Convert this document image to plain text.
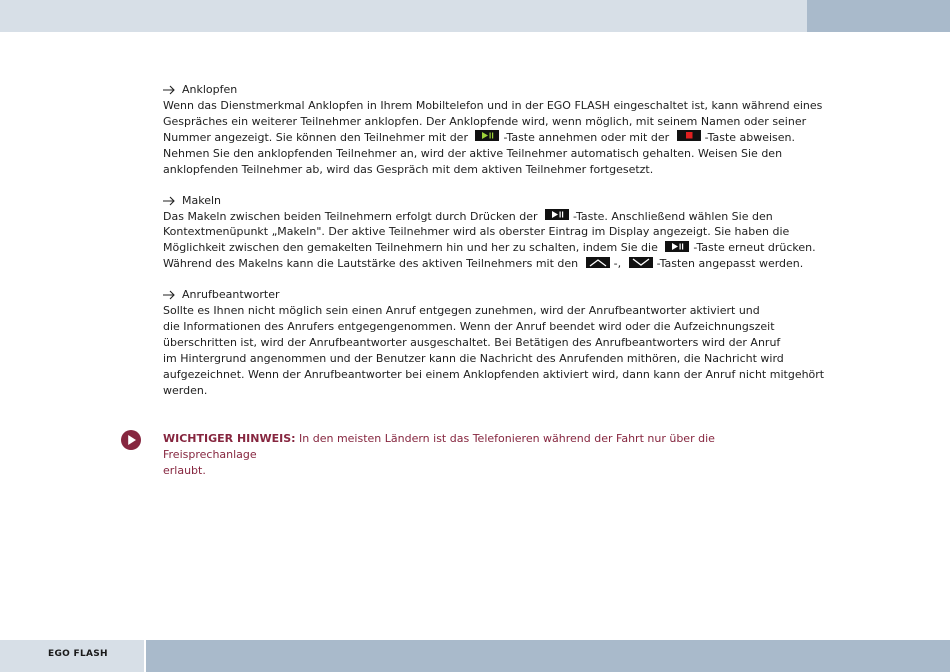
Anklopfen

Wenn das Dienstmerkmal Anklopfen in Ihrem Mobiltelefon und in der EGO FLASH eingeschaltet ist, kann während eines
Gespräches ein weiterer Teilnehmer anklopfen. Der Anklopfende wird, wenn möglich, mit seinem Namen oder seiner
Nummer angezeigt. Sie können den Teilnehmer mit der	-Taste annehmen oder mit der	-Taste abweisen.
Nehmen Sie den anklopfenden Teilnehmer an, wird der aktive Teilnehmer automatisch gehalten. Weisen Sie den
anklopfenden Teilnehmer ab, wird das Gespräch mit dem aktiven Teilnehmer fortgesetzt.

Makeln

Das Makeln zwischen beiden Teilnehmern erfolgt durch Drücken der	-Taste. Anschließend wählen Sie den
Kontextmenüpunkt „Makeln". Der aktive Teilnehmer wird als oberster Eintrag im Display angezeigt. Sie haben die
Möglichkeit zwischen den gemakelten Teilnehmern hin und her zu schalten, indem Sie die	-Taste erneut drücken.
Während des Makelns kann die Lautstärke des aktiven Teilnehmers mit den	-,	-Tasten angepasst werden.

Anrufbeantworter

Sollte es Ihnen nicht möglich sein einen Anruf entgegen zunehmen, wird der Anrufbeantworter aktiviert und
die Informationen des Anrufers entgegengenommen. Wenn der Anruf beendet wird oder die Aufzeichnungszeit
überschritten ist, wird der Anrufbeantworter ausgeschaltet. Bei Betätigen des Anrufbeantworters wird der Anruf
im Hintergrund angenommen und der Benutzer kann die Nachricht des Anrufenden mithören, die Nachricht wird
aufgezeichnet. Wenn der Anrufbeantworter bei einem Anklopfenden aktiviert wird, dann kann der Anruf nicht mitgehört
werden.

WICHTIGER HINWEIS: In den meisten Ländern ist das Telefonieren während der Fahrt nur über die Freisprechanlage
erlaubt.
EGO FLASH
